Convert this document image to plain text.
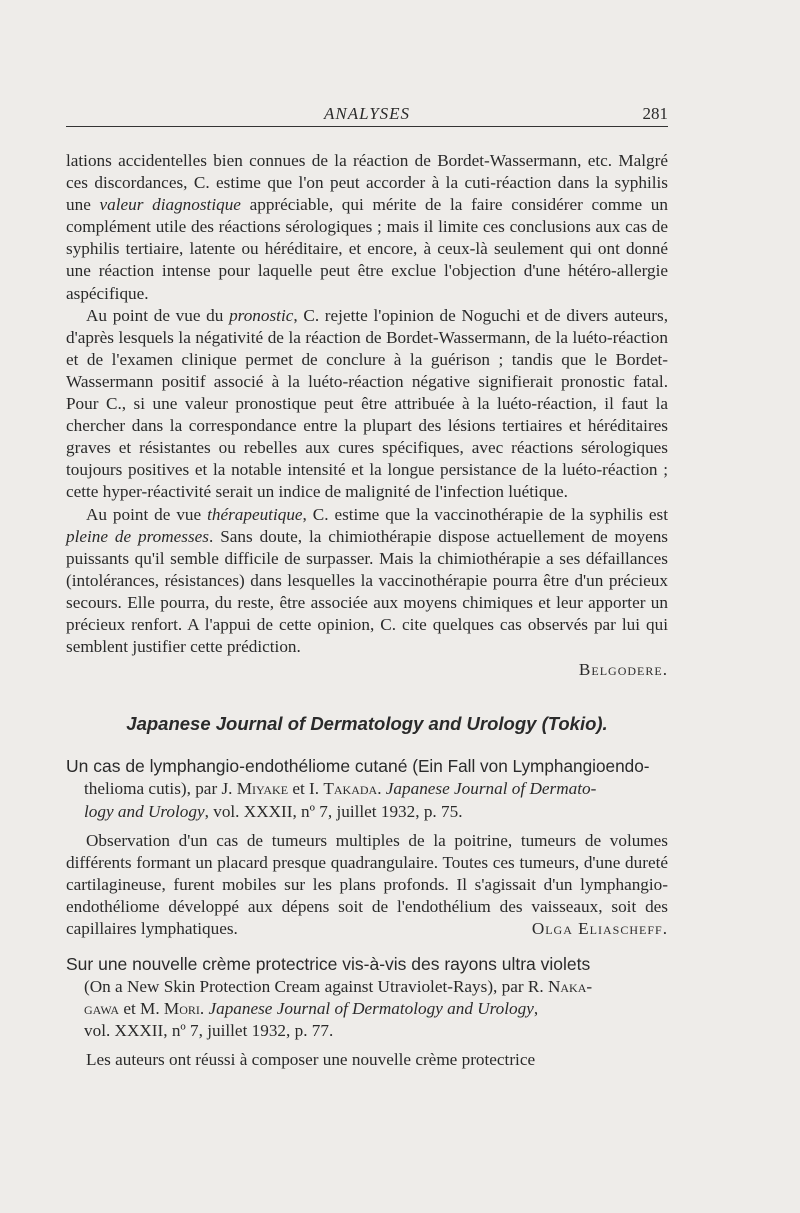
ANALYSES	281

lations accidentelles bien connues de la réaction de Bordet-Wassermann, etc. Malgré ces discordances, C. estime que l'on peut accorder à la cuti-réaction dans la syphilis une valeur diagnostique appréciable, qui mérite de la faire considérer comme un complément utile des réactions sérologiques ; mais il limite ces conclusions aux cas de syphilis tertiaire, latente ou héréditaire, et encore, à ceux-là seulement qui ont donné une réaction intense pour laquelle peut être exclue l'objection d'une hétéro-allergie aspécifique.

Au point de vue du pronostic, C. rejette l'opinion de Noguchi et de divers auteurs, d'après lesquels la négativité de la réaction de Bordet-Wassermann, de la luéto-réaction et de l'examen clinique permet de conclure à la guérison ; tandis que le Bordet-Wassermann positif associé à la luéto-réaction négative signifierait pronostic fatal. Pour C., si une valeur pronostique peut être attribuée à la luéto-réaction, il faut la chercher dans la correspondance entre la plupart des lésions tertiaires et héréditaires graves et résistantes ou rebelles aux cures spécifiques, avec réactions sérologiques toujours positives et la notable intensité et la longue persistance de la luéto-réaction ; cette hyper-réactivité serait un indice de malignité de l'infection luétique.

Au point de vue thérapeutique, C. estime que la vaccinothérapie de la syphilis est pleine de promesses. Sans doute, la chimiothérapie dispose actuellement de moyens puissants qu'il semble difficile de surpasser. Mais la chimiothérapie a ses défaillances (intolérances, résistances) dans lesquelles la vaccinothérapie pourra être d'un précieux secours. Elle pourra, du reste, être associée aux moyens chimiques et leur apporter un précieux renfort. A l'appui de cette opinion, C. cite quelques cas observés par lui qui semblent justifier cette prédiction.

Belgodere.

Japanese Journal of Dermatology and Urology (Tokio).

Un cas de lymphangio-endothéliome cutané (Ein Fall von Lymphangioendo-
thelioma cutis), par J. Miyake et I. Takada. Japanese Journal of Dermato-
logy and Urology, vol. XXXII, nº 7, juillet 1932, p. 75.

Observation d'un cas de tumeurs multiples de la poitrine, tumeurs de volumes différents formant un placard presque quadrangulaire. Toutes ces tumeurs, d'une dureté cartilagineuse, furent mobiles sur les plans profonds. Il s'agissait d'un lymphangio-endothéliome développé aux dépens soit de l'endothélium des vaisseaux, soit des capillaires lymphatiques.	Olga Eliascheff.

Sur une nouvelle crème protectrice vis-à-vis des rayons ultra violets
(On a New Skin Protection Cream against Utraviolet-Rays), par R. Naka-
gawa et M. Mori. Japanese Journal of Dermatology and Urology,
vol. XXXII, nº 7, juillet 1932, p. 77.

Les auteurs ont réussi à composer une nouvelle crème protectrice
